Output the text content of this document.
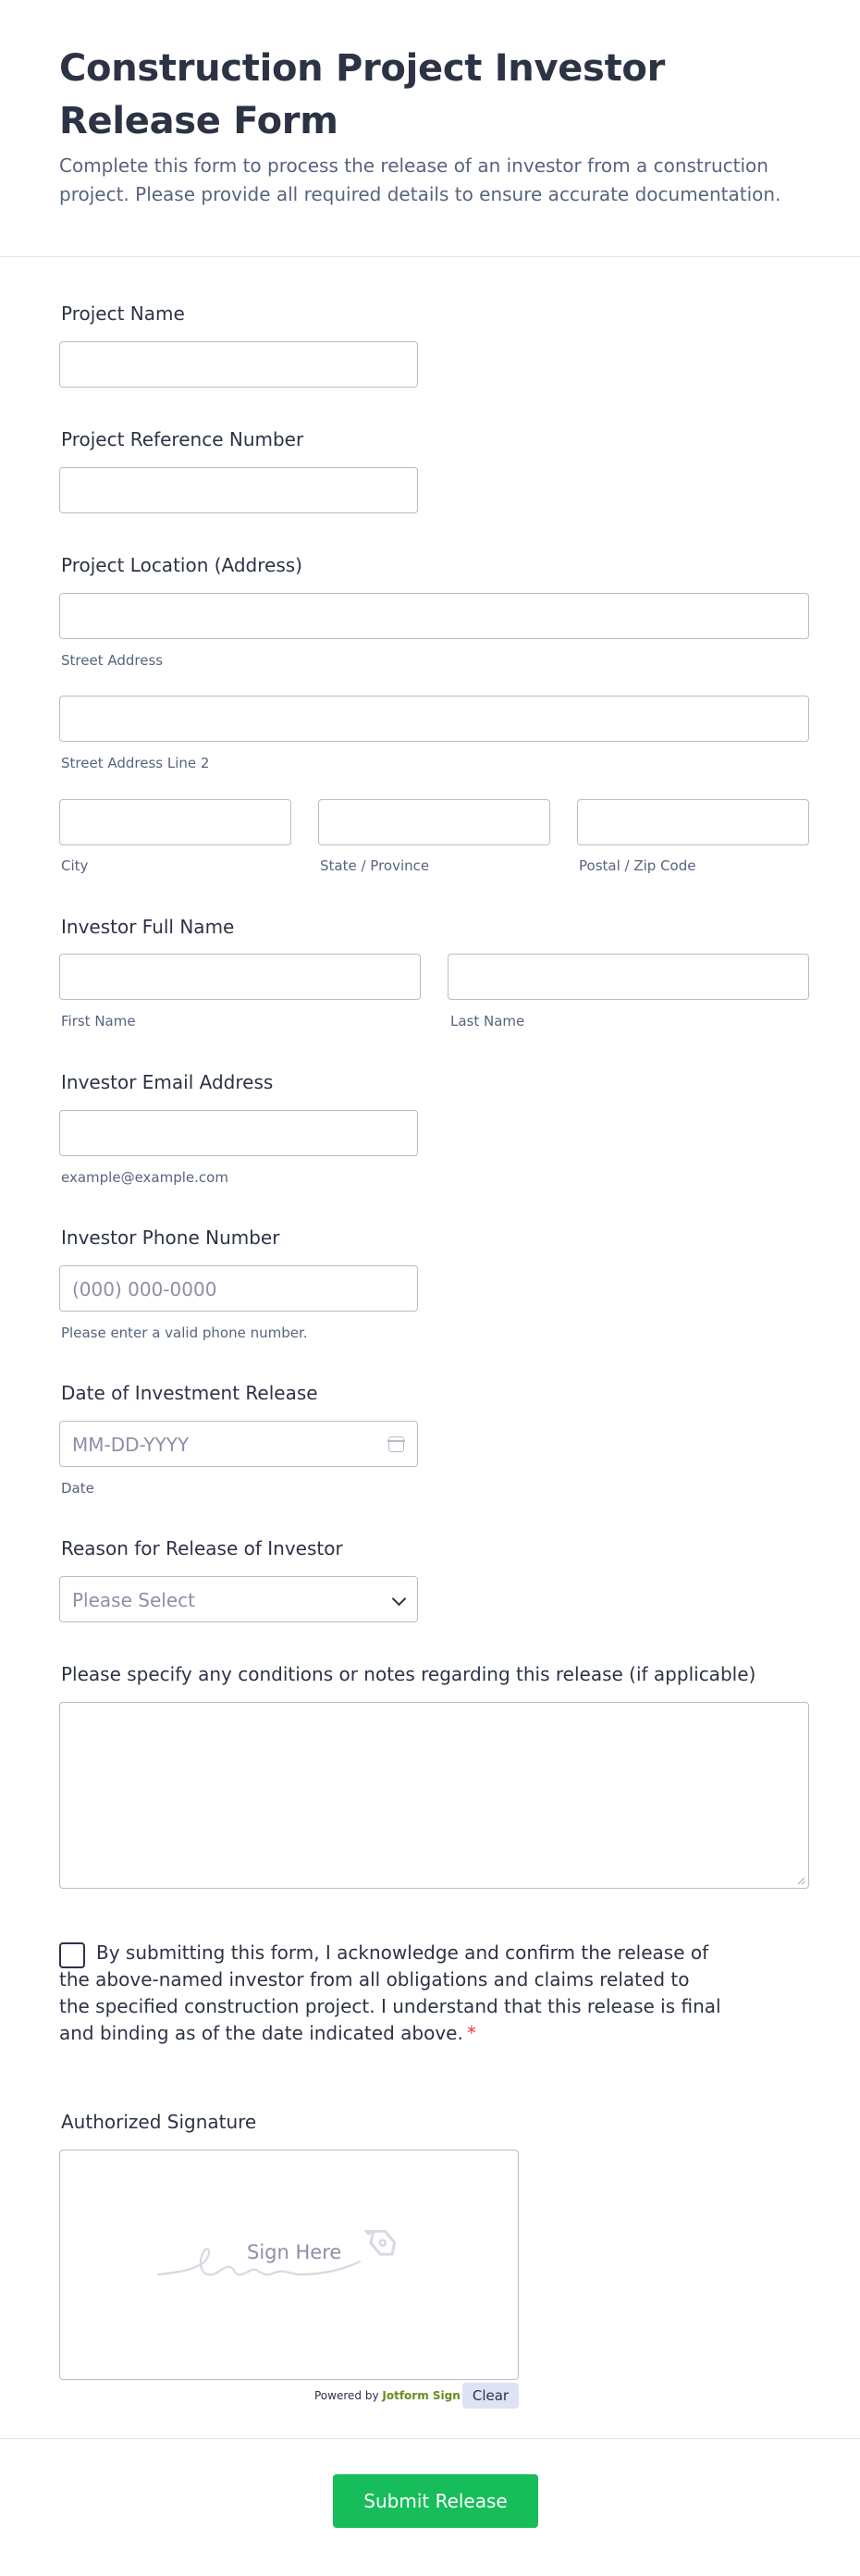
Construction Project Investor Release Form

Complete this form to process the release of an investor from a construction project. Please provide all required details to ensure accurate documentation.

Project Name
Project Reference Number
Project Location (Address)
Street Address
Street Address Line 2
City	State / Province	Postal / Zip Code
Investor Full Name
First Name	Last Name
Investor Email Address
example@example.com
Investor Phone Number
(000) 000-0000
Please enter a valid phone number.
Date of Investment Release
MM-DD-YYYY
Date
Reason for Release of Investor
Please Select
Please specify any conditions or notes regarding this release (if applicable)

By submitting this form, I acknowledge and confirm the release of the above-named investor from all obligations and claims related to the specified construction project. I understand that this release is final and binding as of the date indicated above. *

Authorized Signature
Sign Here
Powered by Jotform Sign Clear
Submit Release
